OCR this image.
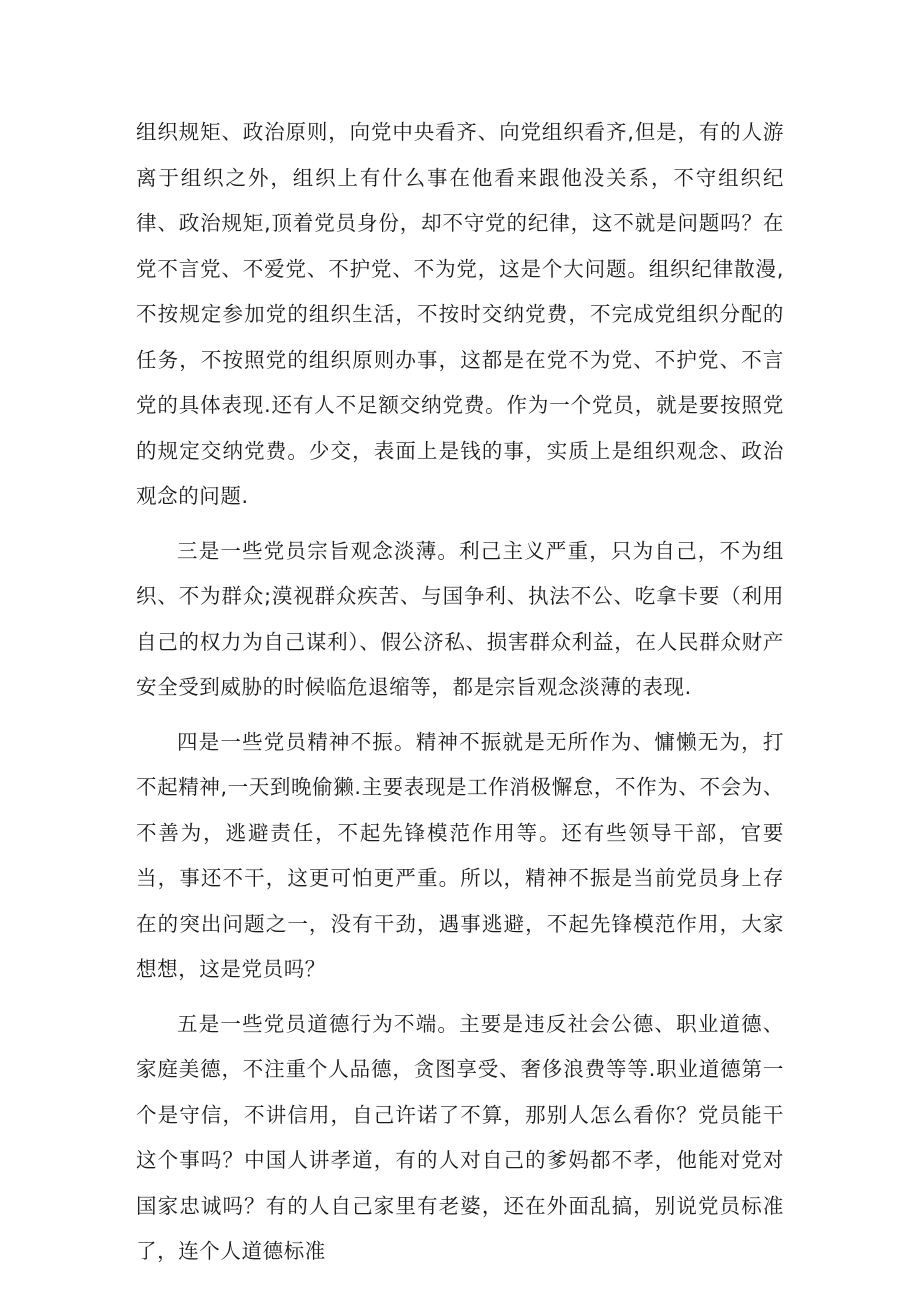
组织规矩、政治原则，向党中央看齐、向党组织看齐,但是，有的人游离于组织之外，组织上有什么事在他看来跟他没关系，不守组织纪律、政治规矩,顶着党员身份，却不守党的纪律，这不就是问题吗？在党不言党、不爱党、不护党、不为党，这是个大问题。组织纪律散漫,不按规定参加党的组织生活，不按时交纳党费，不完成党组织分配的任务，不按照党的组织原则办事，这都是在党不为党、不护党、不言党的具体表现.还有人不足额交纳党费。作为一个党员，就是要按照党的规定交纳党费。少交，表面上是钱的事，实质上是组织观念、政治观念的问题.

三是一些党员宗旨观念淡薄。利己主义严重，只为自己，不为组织、不为群众;漠视群众疾苦、与国争利、执法不公、吃拿卡要（利用自己的权力为自己谋利）、假公济私、损害群众利益，在人民群众财产安全受到威胁的时候临危退缩等，都是宗旨观念淡薄的表现.

四是一些党员精神不振。精神不振就是无所作为、慵懒无为，打不起精神,一天到晚偷獭.主要表现是工作消极懈怠，不作为、不会为、不善为，逃避责任，不起先锋模范作用等。还有些领导干部，官要当，事还不干，这更可怕更严重。所以，精神不振是当前党员身上存在的突出问题之一，没有干劲，遇事逃避，不起先锋模范作用，大家想想，这是党员吗？

五是一些党员道德行为不端。主要是违反社会公德、职业道德、家庭美德，不注重个人品德，贪图享受、奢侈浪费等等.职业道德第一个是守信，不讲信用，自己许诺了不算，那别人怎么看你？党员能干这个事吗？中国人讲孝道，有的人对自己的爹妈都不孝，他能对党对国家忠诚吗？有的人自己家里有老婆，还在外面乱搞，别说党员标准了，连个人道德标准
